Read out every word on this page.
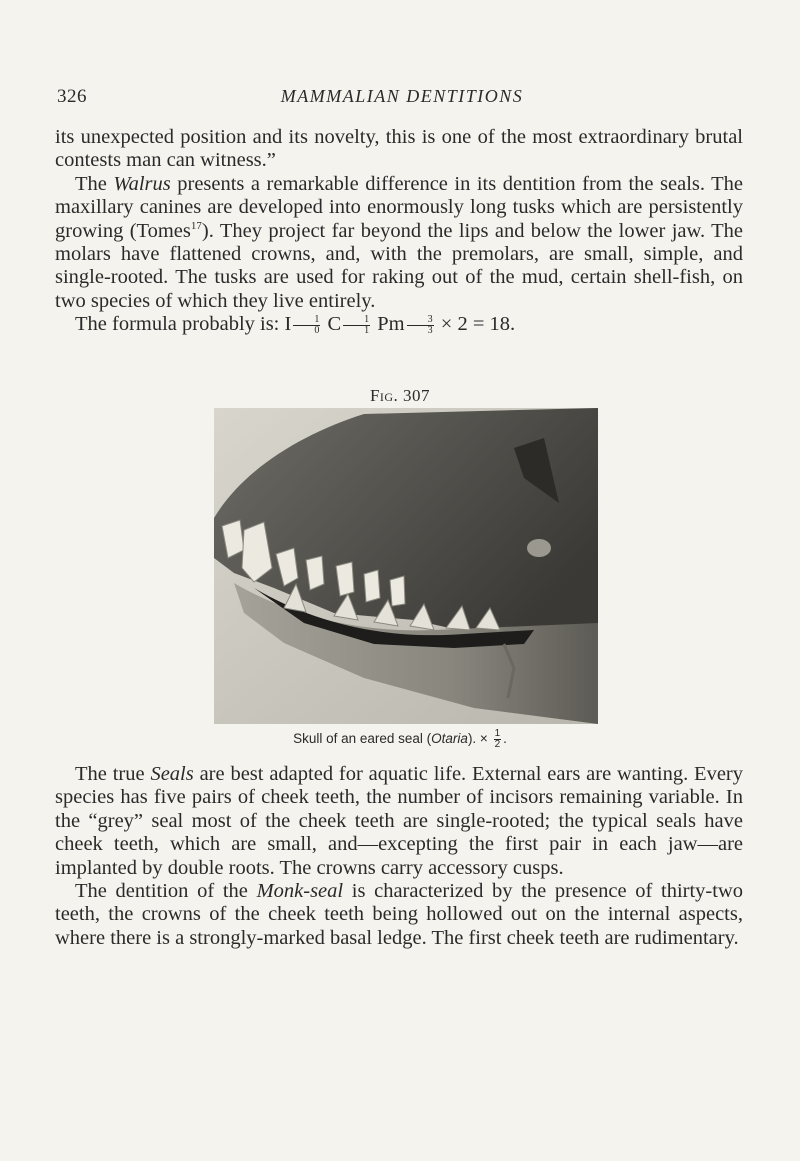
326	MAMMALIAN DENTITIONS

its unexpected position and its novelty, this is one of the most extraordinary brutal contests man can witness.”

The Walrus presents a remarkable difference in its dentition from the seals. The maxillary canines are developed into enormously long tusks which are persistently growing (Tomes$^{17}$). They project far beyond the lips and below the lower jaw. The molars have flattened crowns, and, with the premolars, are small, simple, and single-rooted. The tusks are used for raking out of the mud, certain shell-fish, on two species of which they live entirely.

The formula probably is: I $\frac{1}{0}$ C $\frac{1}{1}$ Pm $\frac{3}{3} \times 2 = 18$.

Fig. 307
Skull of an eared seal (Otaria). × $\frac{1}{2}$ .

The true Seals are best adapted for aquatic life. External ears are wanting. Every species has five pairs of cheek teeth, the number of incisors remaining variable. In the “grey” seal most of the cheek teeth are single-rooted; the typical seals have cheek teeth, which are small, and—excepting the first pair in each jaw—are implanted by double roots. The crowns carry accessory cusps.

The dentition of the Monk-seal is characterized by the presence of thirty-two teeth, the crowns of the cheek teeth being hollowed out on the internal aspects, where there is a strongly-marked basal ledge. The first cheek teeth are rudimentary.
